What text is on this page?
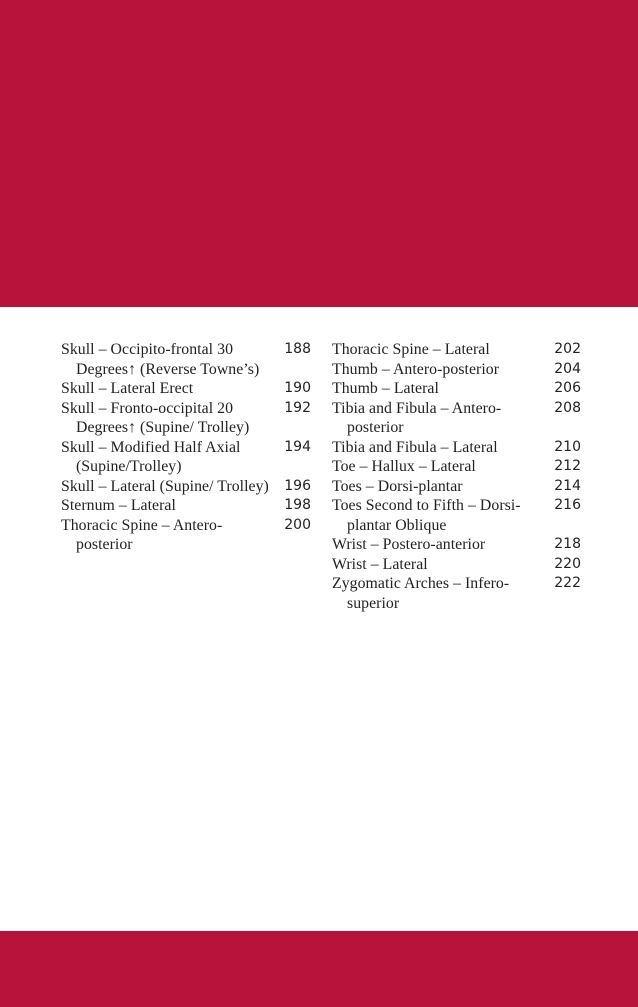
Skull – Occipito-frontal 30 Degrees↑ (Reverse Towne’s)
188
Skull – Lateral Erect	190
Skull – Fronto-occipital 20 Degrees↑ (Supine/ Trolley)
192
Skull – Modified Half Axial (Supine/Trolley)
194
Skull – Lateral (Supine/ Trolley) 196
Sternum – Lateral	198
Thoracic Spine – Antero- posterior
200
Thoracic Spine – Lateral	202
Thumb – Antero-posterior	204
Thumb – Lateral	206
Tibia and Fibula – Antero- posterior
208
Tibia and Fibula – Lateral	210
Toe – Hallux – Lateral	212
Toes – Dorsi-plantar	214
Toes Second to Fifth – Dorsi-plantar Oblique
216
Wrist – Postero-anterior	218
Wrist – Lateral	220
Zygomatic Arches – Infero-superior
222
